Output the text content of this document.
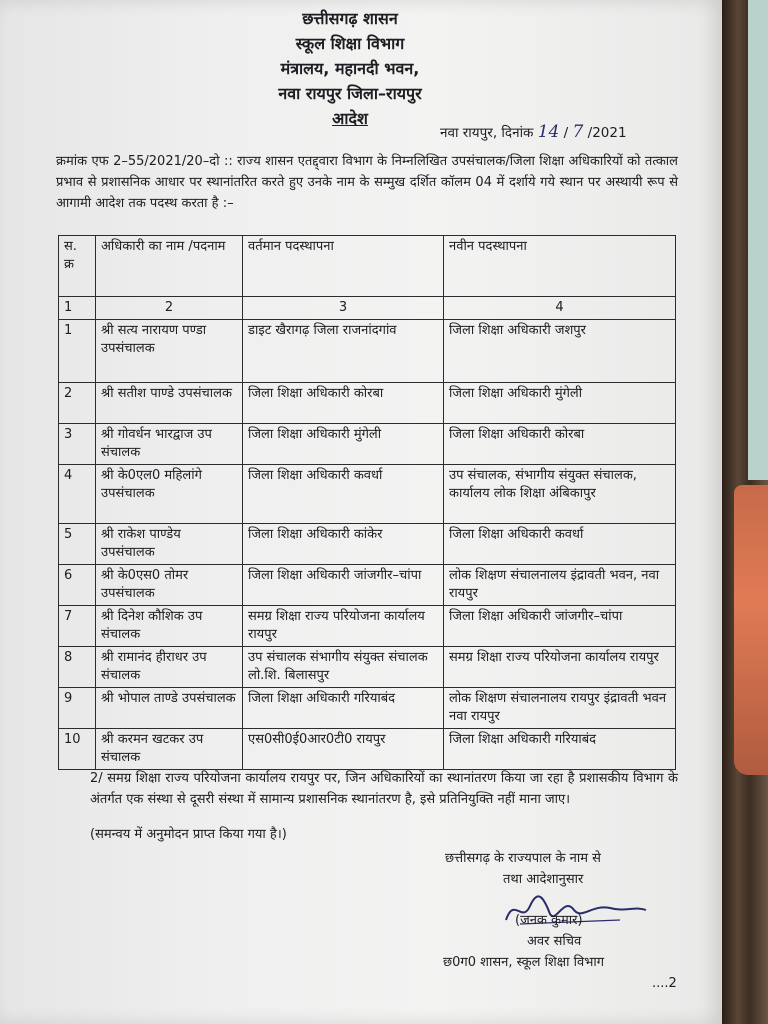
छत्तीसगढ़ शासन
स्कूल शिक्षा विभाग
मंत्रालय, महानदी भवन,
नवा रायपुर जिला–रायपुर
आदेश
नवा रायपुर, दिनांक 14 / 7 /2021
क्रमांक एफ 2–55/2021/20–दो :: राज्य शासन एतद्द्वारा विभाग के निम्नलिखित उपसंचालक/जिला शिक्षा अधिकारियों को तत्काल प्रभाव से प्रशासनिक आधार पर स्थानांतरित करते हुए उनके नाम के सम्मुख दर्शित कॉलम 04 में दर्शाये गये स्थान पर अस्थायी रूप से आगामी आदेश तक पदस्थ करता है :–
स. क्र	अधिकारी का नाम /पदनाम	वर्तमान पदस्थापना	नवीन पदस्थापना
1	2	3	4
1	श्री सत्य नारायण पण्डा उपसंचालक	डाइट खैरागढ़ जिला राजनांदगांव	जिला शिक्षा अधिकारी जशपुर
2	श्री सतीश पाण्डे उपसंचालक	जिला शिक्षा अधिकारी कोरबा	जिला शिक्षा अधिकारी मुंगेली
3	श्री गोवर्धन भारद्वाज उप संचालक	जिला शिक्षा अधिकारी मुंगेली	जिला शिक्षा अधिकारी कोरबा
4	श्री के0एल0 महिलांगे उपसंचालक	जिला शिक्षा अधिकारी कवर्धा	उप संचालक, संभागीय संयुक्त संचालक, कार्यालय लोक शिक्षा अंबिकापुर
5	श्री राकेश पाण्डेय उपसंचालक	जिला शिक्षा अधिकारी कांकेर	जिला शिक्षा अधिकारी कवर्धा
6	श्री के0एस0 तोमर उपसंचालक	जिला शिक्षा अधिकारी जांजगीर–चांपा	लोक शिक्षण संचालनालय इंद्रावती भवन, नवा रायपुर
7	श्री दिनेश कौशिक उप संचालक	समग्र शिक्षा राज्य परियोजना कार्यालय रायपुर	जिला शिक्षा अधिकारी जांजगीर–चांपा
8	श्री रामानंद हीराधर उप संचालक	उप संचालक संभागीय संयुक्त संचालक लो.शि. बिलासपुर	समग्र शिक्षा राज्य परियोजना कार्यालय रायपुर
9	श्री भोपाल ताण्डे उपसंचालक	जिला शिक्षा अधिकारी गरियाबंद	लोक शिक्षण संचालनालय रायपुर इंद्रावती भवन नवा रायपुर
10	श्री करमन खटकर उप संचालक	एस0सी0ई0आर0टी0 रायपुर	जिला शिक्षा अधिकारी गरियाबंद
2/ समग्र शिक्षा राज्य परियोजना कार्यालय रायपुर पर, जिन अधिकारियों का स्थानांतरण किया जा रहा है प्रशासकीय विभाग के अंतर्गत एक संस्था से दूसरी संस्था में सामान्य प्रशासनिक स्थानांतरण है, इसे प्रतिनियुक्ति नहीं माना जाए।
(समन्वय में अनुमोदन प्राप्त किया गया है।)
छत्तीसगढ़ के राज्यपाल के नाम से
तथा आदेशानुसार
(जनक कुमार)
अवर सचिव
छ0ग0 शासन, स्कूल शिक्षा विभाग
....2
